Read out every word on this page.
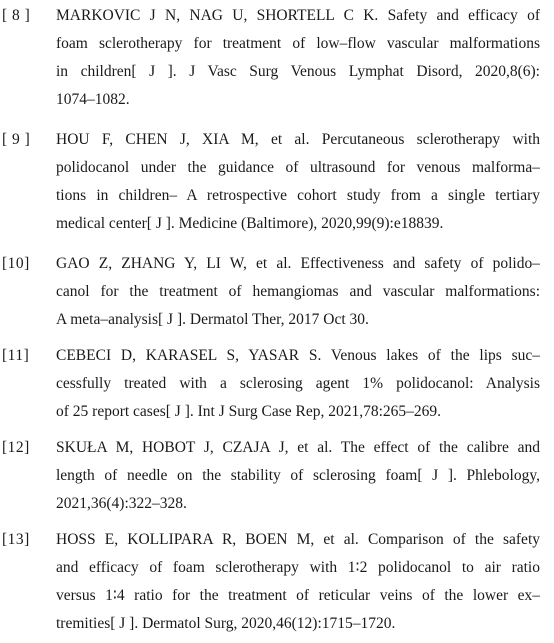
[ 8 ] MARKOVIC J N, NAG U, SHORTELL C K. Safety and efficacy of
foam sclerotherapy for treatment of low–flow vascular malformations
in children[ J ]. J Vasc Surg Venous Lymphat Disord, 2020,8(6):
1074–1082.
[ 9 ] HOU F, CHEN J, XIA M, et al. Percutaneous sclerotherapy with
polidocanol under the guidance of ultrasound for venous malforma–
tions in children– A retrospective cohort study from a single tertiary
medical center[ J ]. Medicine (Baltimore), 2020,99(9):e18839.
[10] GAO Z, ZHANG Y, LI W, et al. Effectiveness and safety of polido–
canol for the treatment of hemangiomas and vascular malformations:
A meta–analysis[ J ]. Dermatol Ther, 2017 Oct 30.
[11] CEBECI D, KARASEL S, YASAR S. Venous lakes of the lips suc–
cessfully treated with a sclerosing agent 1% polidocanol: Analysis
of 25 report cases[ J ]. Int J Surg Case Rep, 2021,78:265–269.
[12] SKUŁA M, HOBOT J, CZAJA J, et al. The effect of the calibre and
length of needle on the stability of sclerosing foam[ J ]. Phlebology,
2021,36(4):322–328.
[13] HOSS E, KOLLIPARA R, BOEN M, et al. Comparison of the safety
and efficacy of foam sclerotherapy with 1∶2 polidocanol to air ratio
versus 1∶4 ratio for the treatment of reticular veins of the lower ex–
tremities[ J ]. Dermatol Surg, 2020,46(12):1715–1720.
